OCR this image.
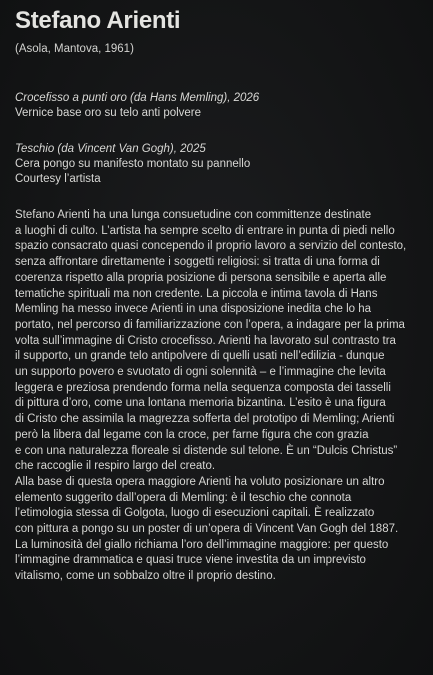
Stefano Arienti
(Asola, Mantova, 1961)
Crocefisso a punti oro (da Hans Memling), 2026
Vernice base oro su telo anti polvere
Teschio (da Vincent Van Gogh), 2025
Cera pongo su manifesto montato su pannello
Courtesy l’artista
Stefano Arienti ha una lunga consuetudine con committenze destinate
a luoghi di culto. L’artista ha sempre scelto di entrare in punta di piedi nello
spazio consacrato quasi concependo il proprio lavoro a servizio del contesto,
senza affrontare direttamente i soggetti religiosi: si tratta di una forma di
coerenza rispetto alla propria posizione di persona sensibile e aperta alle
tematiche spirituali ma non credente. La piccola e intima tavola di Hans
Memling ha messo invece Arienti in una disposizione inedita che lo ha
portato, nel percorso di familiarizzazione con l’opera, a indagare per la prima
volta sull’immagine di Cristo crocefisso. Arienti ha lavorato sul contrasto tra
il supporto, un grande telo antipolvere di quelli usati nell’edilizia - dunque
un supporto povero e svuotato di ogni solennità – e l’immagine che levita
leggera e preziosa prendendo forma nella sequenza composta dei tasselli
di pittura d’oro, come una lontana memoria bizantina. L’esito è una figura
di Cristo che assimila la magrezza sofferta del prototipo di Memling; Arienti
però la libera dal legame con la croce, per farne figura che con grazia
e con una naturalezza floreale si distende sul telone. È un “Dulcis Christus”
che raccoglie il respiro largo del creato.
Alla base di questa opera maggiore Arienti ha voluto posizionare un altro
elemento suggerito dall’opera di Memling: è il teschio che connota
l’etimologia stessa di Golgota, luogo di esecuzioni capitali. È realizzato
con pittura a pongo su un poster di un’opera di Vincent Van Gogh del 1887.
La luminosità del giallo richiama l’oro dell’immagine maggiore: per questo
l’immagine drammatica e quasi truce viene investita da un imprevisto
vitalismo, come un sobbalzo oltre il proprio destino.
